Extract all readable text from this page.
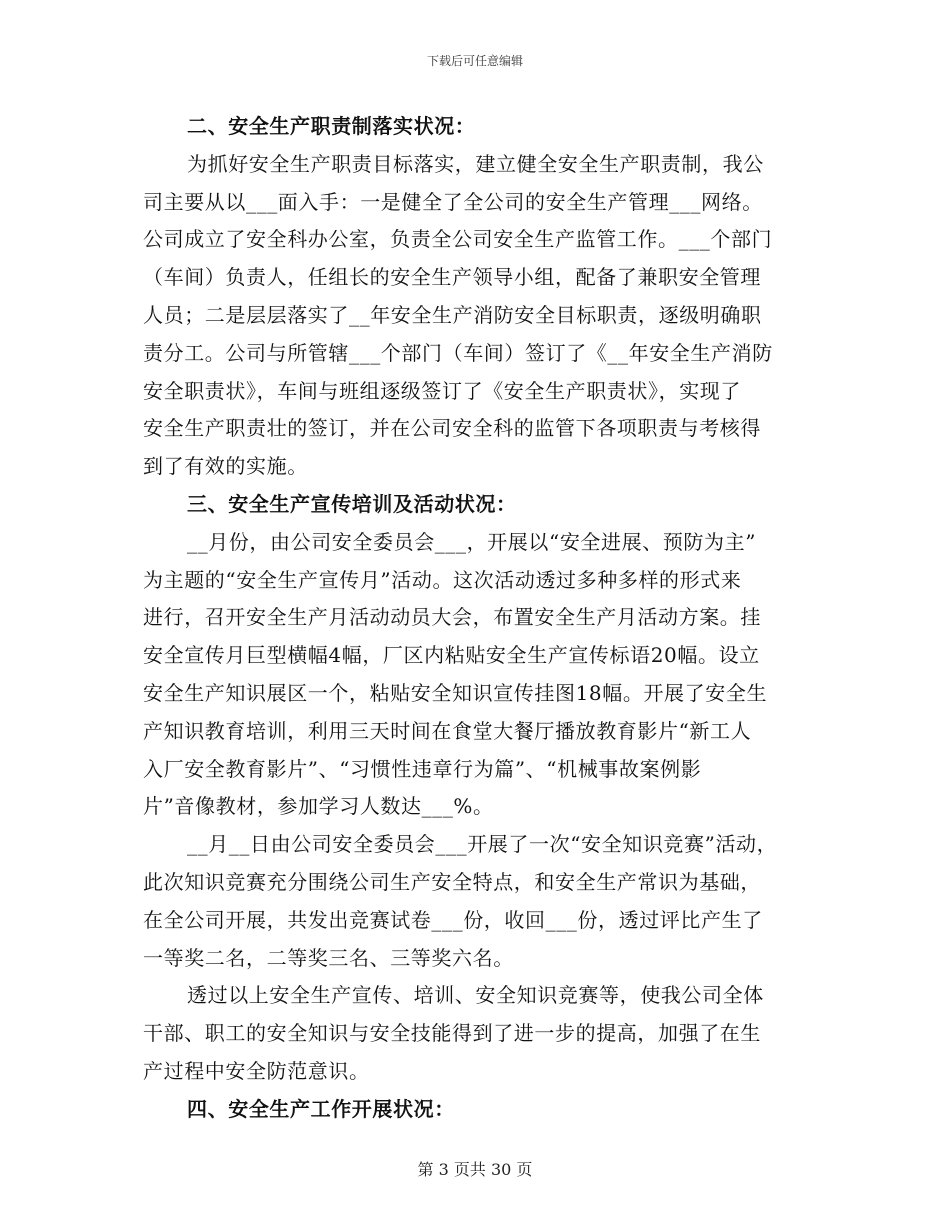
下载后可任意编辑
二、安全生产职责制落实状况：
为抓好安全生产职责目标落实，建立健全安全生产职责制，我公
司主要从以___面入手：一是健全了全公司的安全生产管理___网络。
公司成立了安全科办公室，负责全公司安全生产监管工作。___个部门
（车间）负责人，任组长的安全生产领导小组，配备了兼职安全管理
人员；二是层层落实了__年安全生产消防安全目标职责，逐级明确职
责分工。公司与所管辖___个部门（车间）签订了《__年安全生产消防
安全职责状》，车间与班组逐级签订了《安全生产职责状》，实现了
安全生产职责壮的签订，并在公司安全科的监管下各项职责与考核得
到了有效的实施。
三、安全生产宣传培训及活动状况：
__月份，由公司安全委员会___，开展以“安全进展、预防为主”
为主题的“安全生产宣传月”活动。这次活动透过多种多样的形式来
进行，召开安全生产月活动动员大会，布置安全生产月活动方案。挂
安全宣传月巨型横幅4幅，厂区内粘贴安全生产宣传标语20幅。设立
安全生产知识展区一个，粘贴安全知识宣传挂图18幅。开展了安全生
产知识教育培训，利用三天时间在食堂大餐厅播放教育影片“新工人
入厂安全教育影片”、“习惯性违章行为篇”、“机械事故案例影
片”音像教材，参加学习人数达___%。
__月__日由公司安全委员会___开展了一次“安全知识竞赛”活动，
此次知识竞赛充分围绕公司生产安全特点，和安全生产常识为基础，
在全公司开展，共发出竞赛试卷___份，收回___份，透过评比产生了
一等奖二名，二等奖三名、三等奖六名。
透过以上安全生产宣传、培训、安全知识竞赛等，使我公司全体
干部、职工的安全知识与安全技能得到了进一步的提高，加强了在生
产过程中安全防范意识。
四、安全生产工作开展状况：
第 3 页共 30 页
